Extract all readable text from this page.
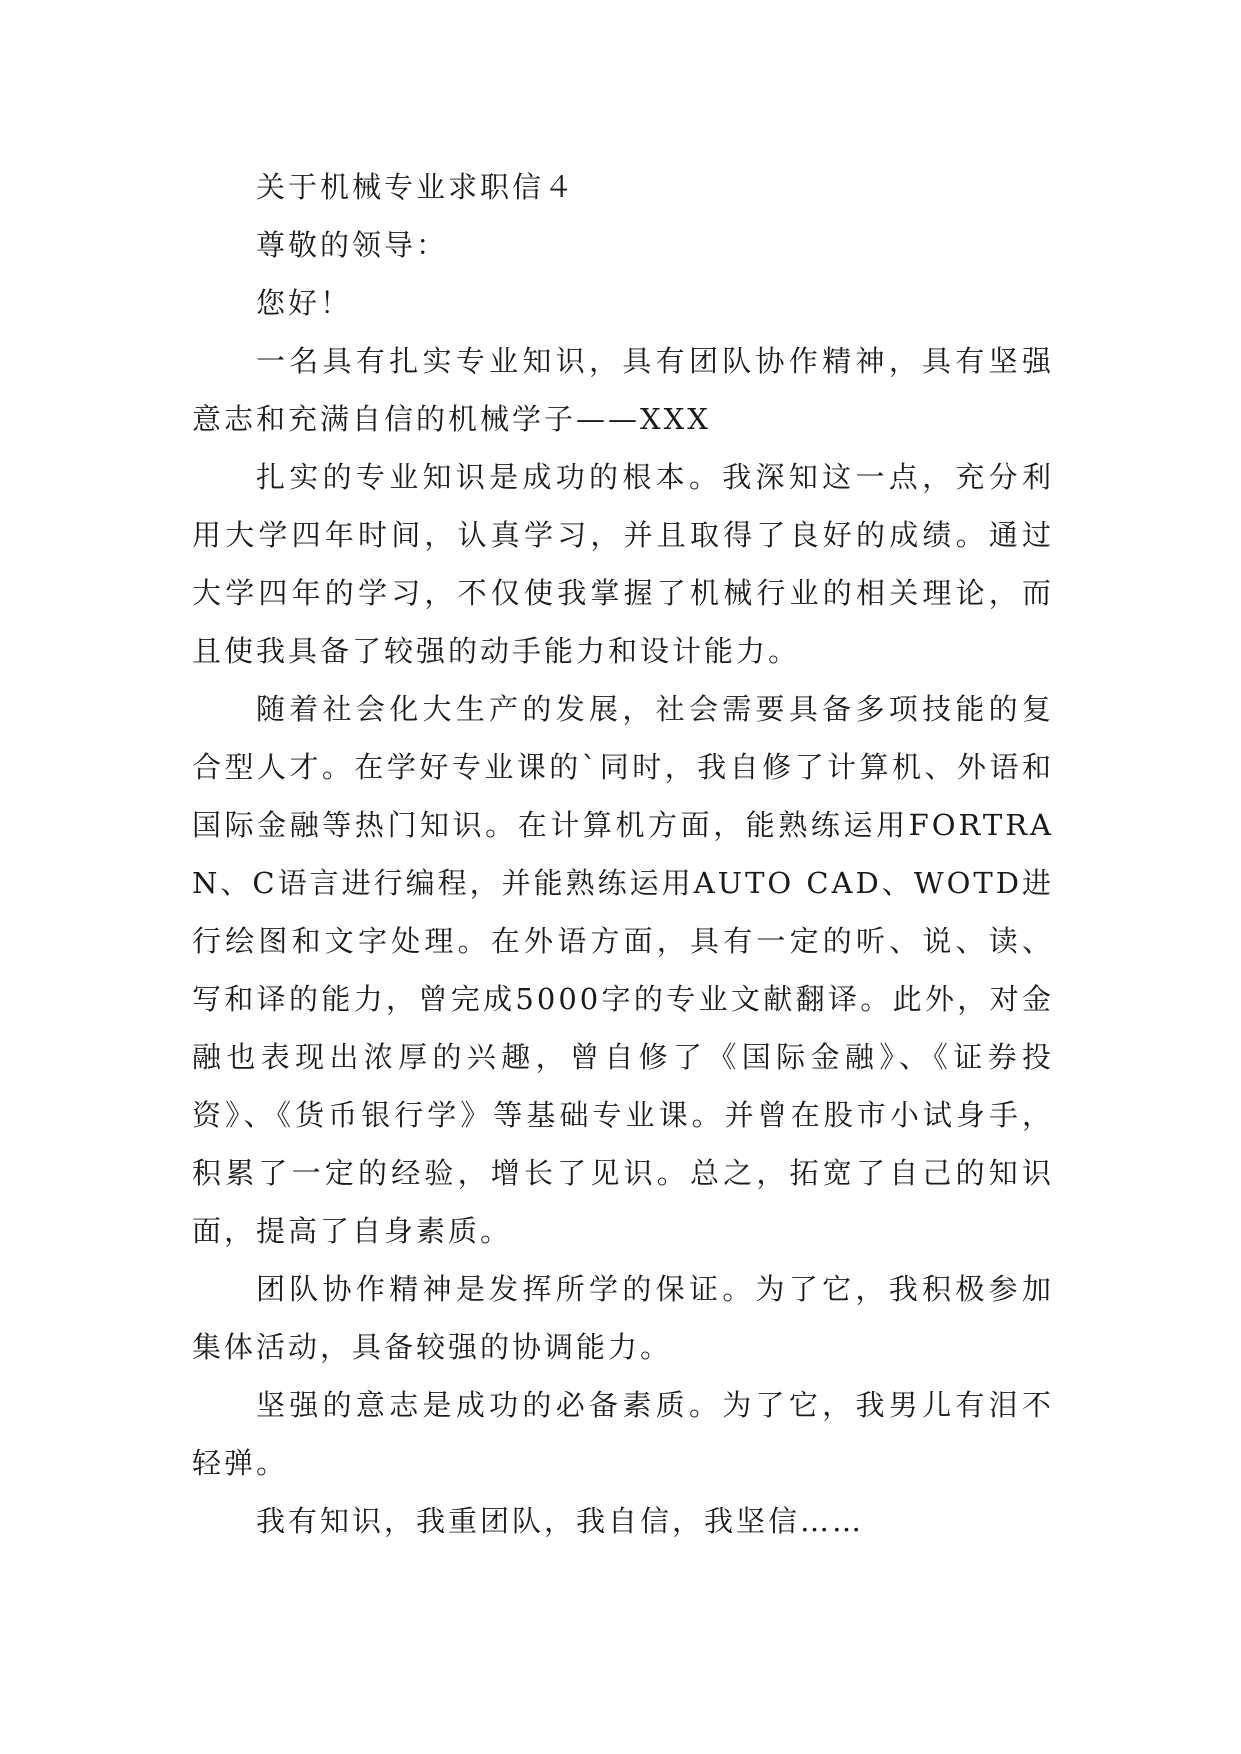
关于机械专业求职信４

尊敬的领导：

您好！

一名具有扎实专业知识，具有团队协作精神，具有坚强意志和充满自信的机械学子——XXX

扎实的专业知识是成功的根本。我深知这一点，充分利用大学四年时间，认真学习，并且取得了良好的成绩。通过大学四年的学习，不仅使我掌握了机械行业的相关理论，而且使我具备了较强的动手能力和设计能力。

随着社会化大生产的发展，社会需要具备多项技能的复合型人才。在学好专业课的`同时，我自修了计算机、外语和国际金融等热门知识。在计算机方面，能熟练运用FORTRAN、C语言进行编程，并能熟练运用AUTO CAD、WOTD进行绘图和文字处理。在外语方面，具有一定的听、说、读、写和译的能力，曾完成5000字的专业文献翻译。此外，对金融也表现出浓厚的兴趣，曾自修了《国际金融》、《证券投资》、《货币银行学》等基础专业课。并曾在股市小试身手，积累了一定的经验，增长了见识。总之，拓宽了自己的知识面，提高了自身素质。

团队协作精神是发挥所学的保证。为了它，我积极参加集体活动，具备较强的协调能力。

坚强的意志是成功的必备素质。为了它，我男儿有泪不轻弹。

我有知识，我重团队，我自信，我坚信……
